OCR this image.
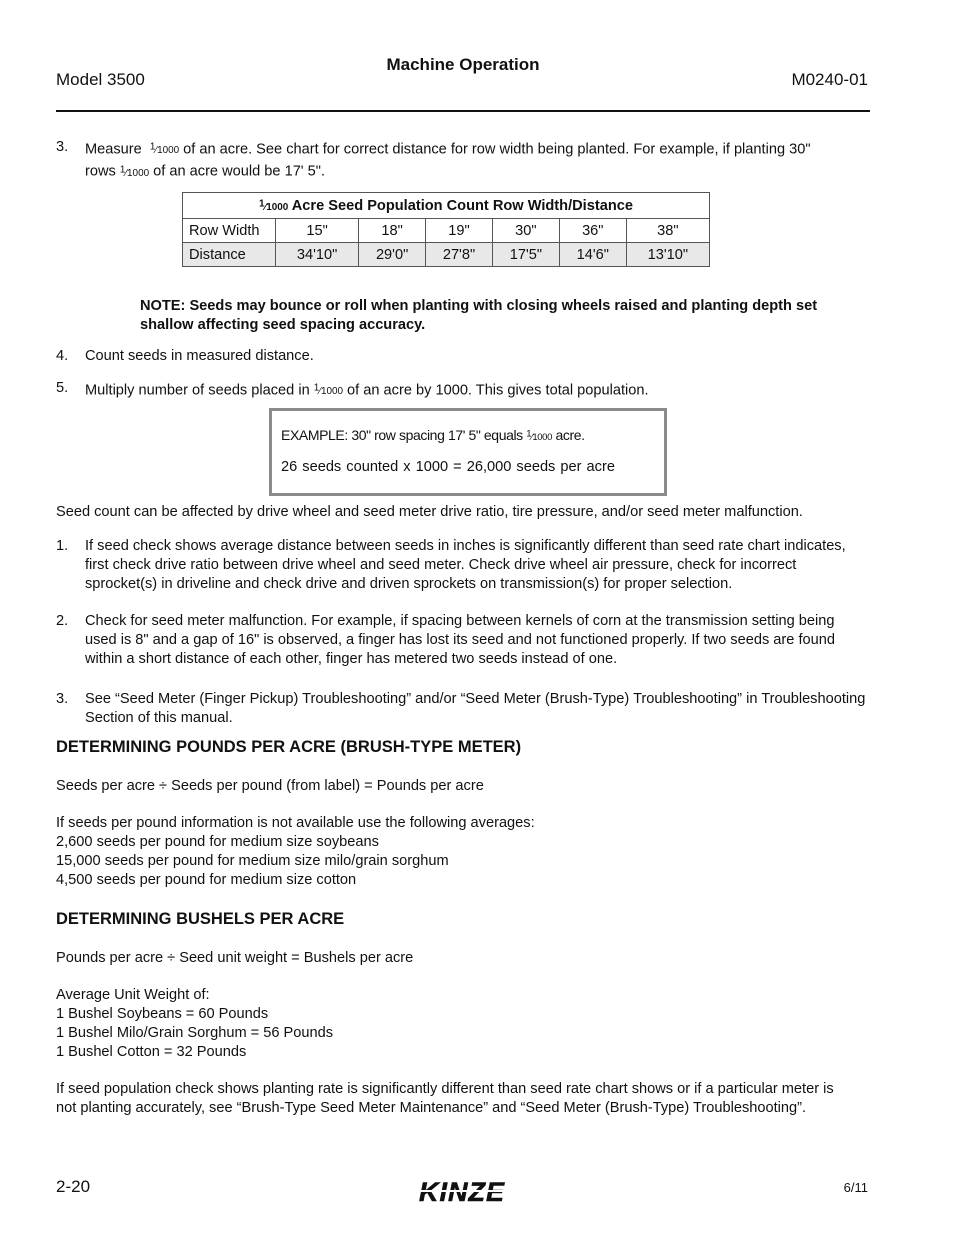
Machine Operation
Model 3500	M0240-01
3. Measure $^1$⁄1000 of an acre. See chart for correct distance for row width being planted. For example, if planting 30"
rows $^1$⁄1000 of an acre would be 17' 5".
$^1$⁄1000 Acre Seed Population Count Row Width/Distance						
Row Width	15"	18"	19"	30"	36"	38"
Distance	34'10"	29'0"	27'8"	17'5"	14'6"	13'10"
NOTE: Seeds may bounce or roll when planting with closing wheels raised and planting depth set shallow affecting seed spacing accuracy.
4. Count seeds in measured distance.
5. Multiply number of seeds placed in $^1$⁄1000 of an acre by 1000. This gives total population.
EXAMPLE: 30" row spacing 17' 5" equals $^1$⁄1000 acre.
26 seeds counted x 1000 = 26,000 seeds per acre
Seed count can be affected by drive wheel and seed meter drive ratio, tire pressure, and/or seed meter malfunction.
1. If seed check shows average distance between seeds in inches is significantly different than seed rate chart indicates, first check drive ratio between drive wheel and seed meter. Check drive wheel air pressure, check for incorrect sprocket(s) in driveline and check drive and driven sprockets on transmission(s) for proper selection.
2. Check for seed meter malfunction. For example, if spacing between kernels of corn at the transmission setting being used is 8" and a gap of 16" is observed, a finger has lost its seed and not functioned properly. If two seeds are found within a short distance of each other, finger has metered two seeds instead of one.
3. See “Seed Meter (Finger Pickup) Troubleshooting” and/or “Seed Meter (Brush-Type) Troubleshooting” in Troubleshooting Section of this manual.
DETERMINING POUNDS PER ACRE (BRUSH-TYPE METER)
Seeds per acre ÷ Seeds per pound (from label) = Pounds per acre
If seeds per pound information is not available use the following averages:
2,600 seeds per pound for medium size soybeans
15,000 seeds per pound for medium size milo/grain sorghum
4,500 seeds per pound for medium size cotton
DETERMINING BUSHELS PER ACRE
Pounds per acre ÷ Seed unit weight = Bushels per acre
Average Unit Weight of:
1 Bushel Soybeans = 60 Pounds
1 Bushel Milo/Grain Sorghum = 56 Pounds
1 Bushel Cotton = 32 Pounds
If seed population check shows planting rate is significantly different than seed rate chart shows or if a particular meter is not planting accurately, see “Brush-Type Seed Meter Maintenance” and “Seed Meter (Brush-Type) Troubleshooting”.
2-20	KINZE	6/11
